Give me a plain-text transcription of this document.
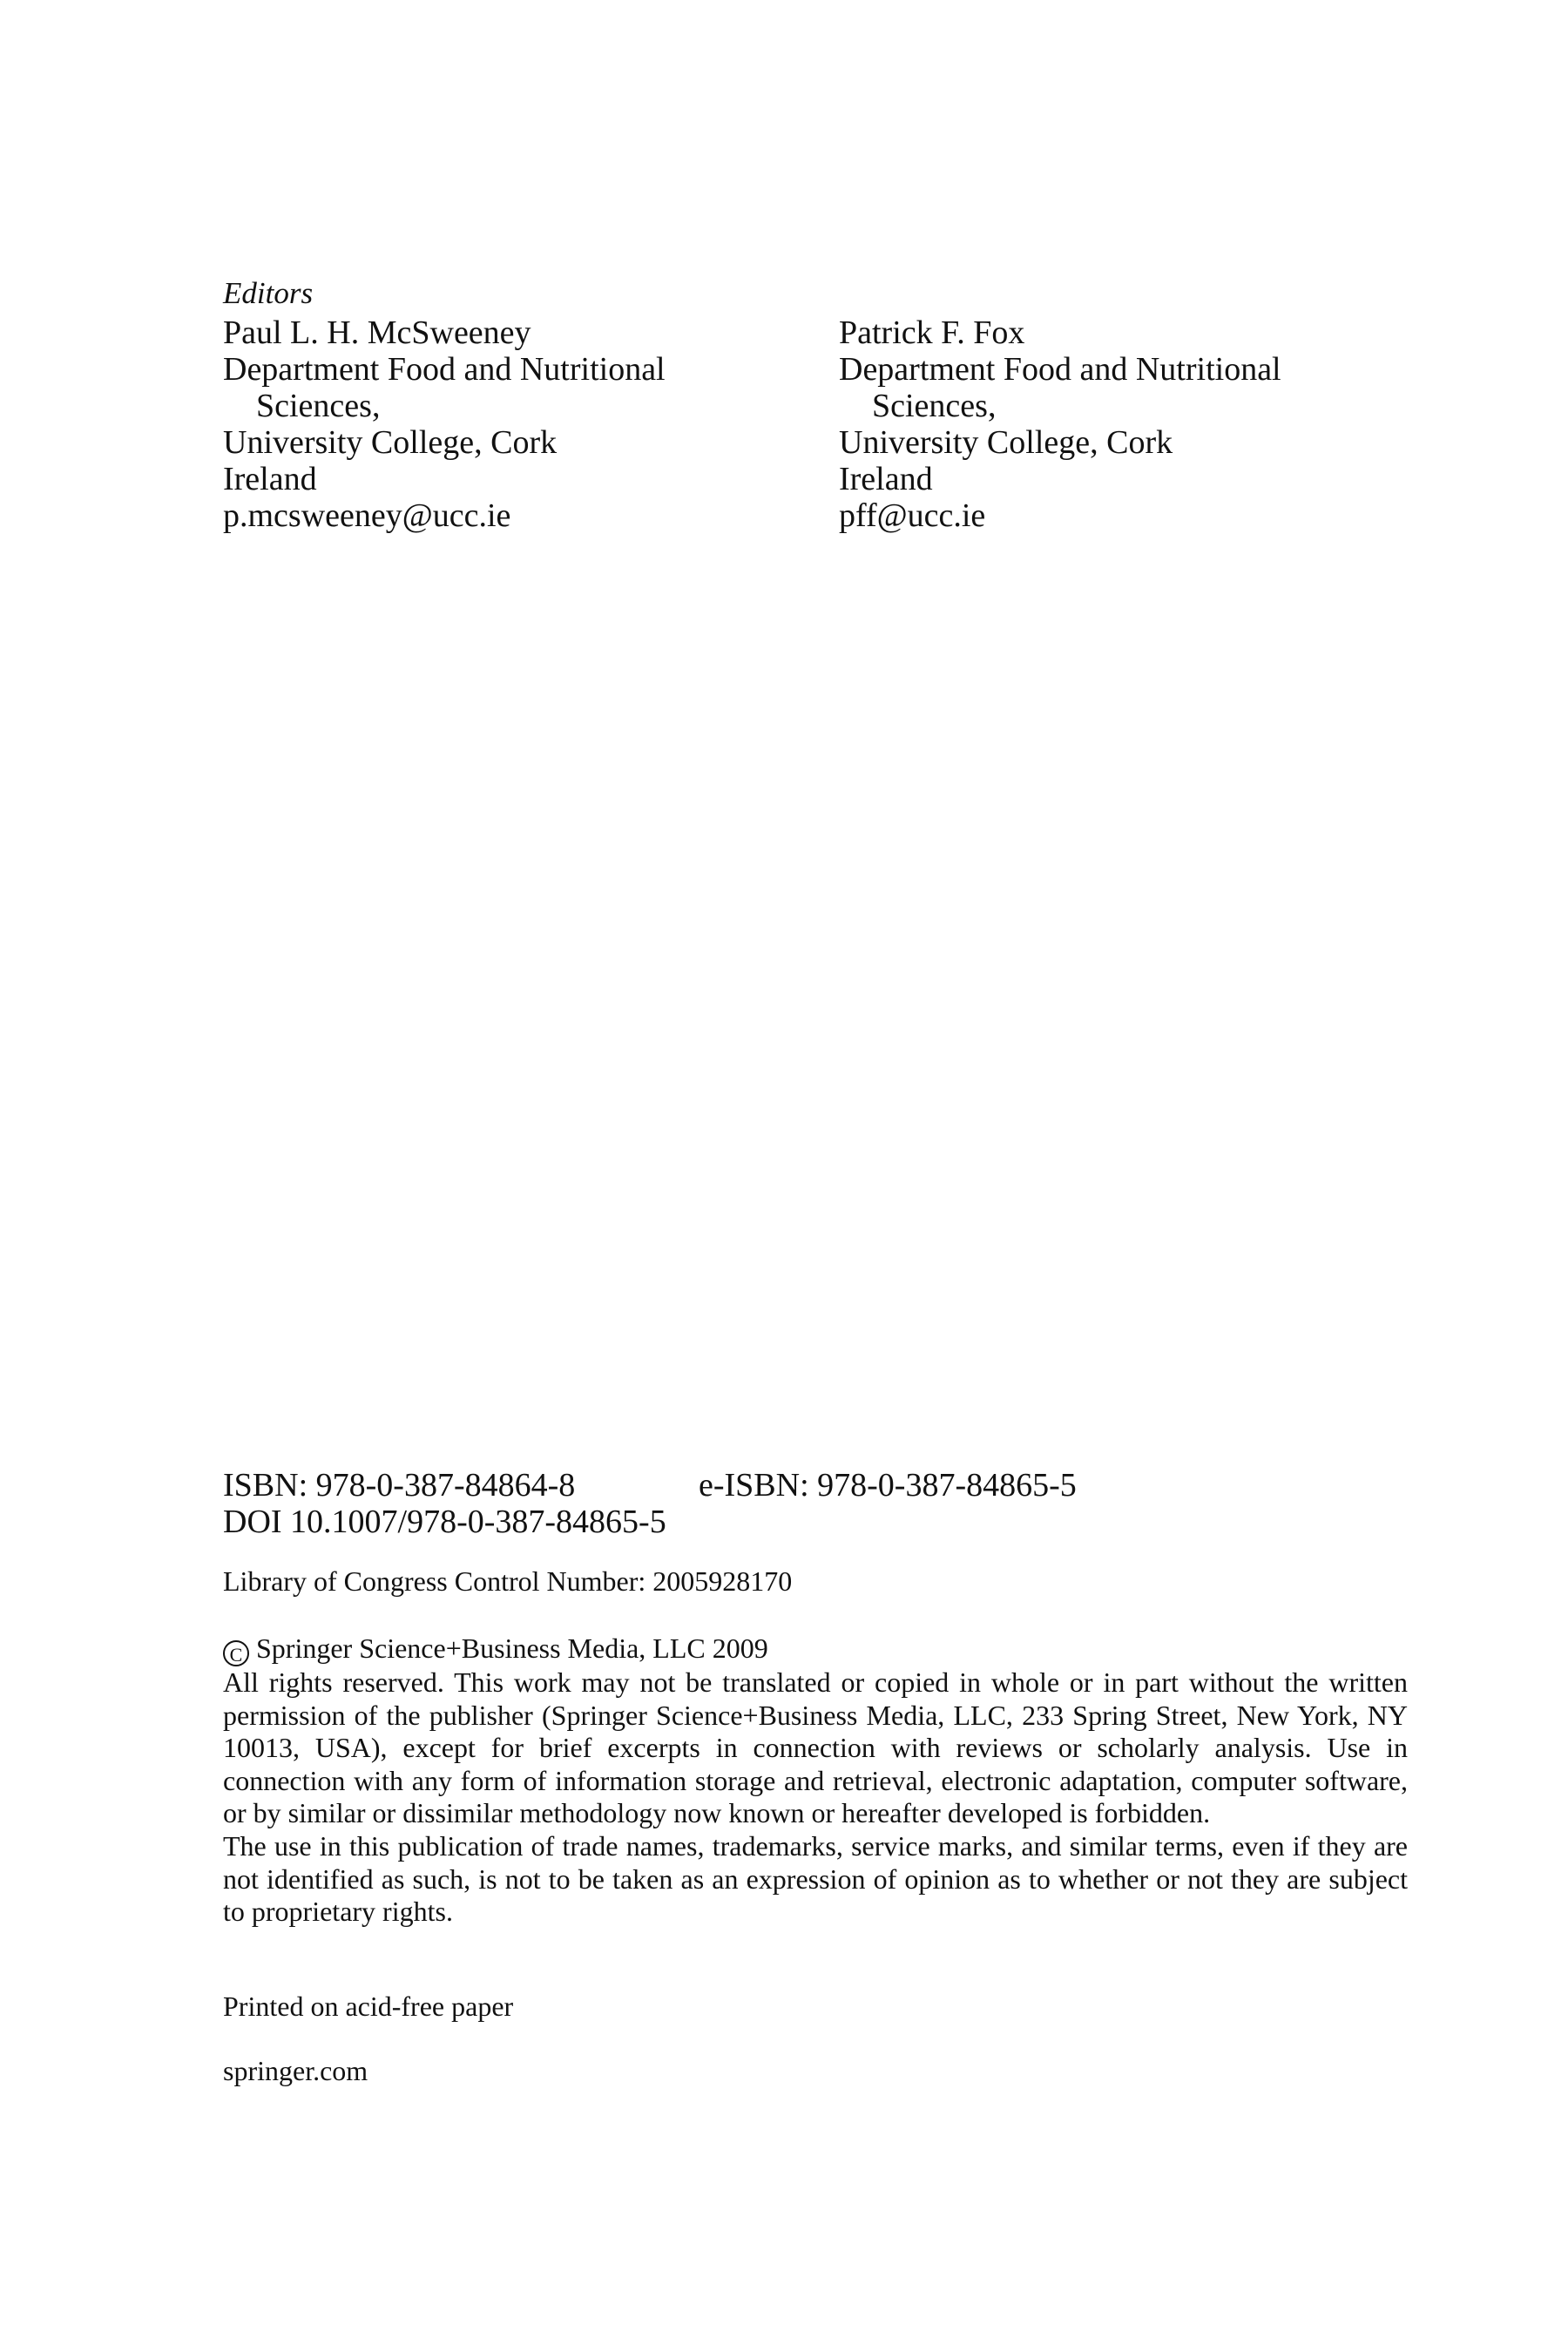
Editors
Paul L. H. McSweeney
Department Food and Nutritional
Sciences,
University College, Cork
Ireland
p.mcsweeney@ucc.ie
Patrick F. Fox
Department Food and Nutritional
Sciences,
University College, Cork
Ireland
pff@ucc.ie
ISBN: 978-0-387-84864-8	e-ISBN: 978-0-387-84865-5
DOI 10.1007/978-0-387-84865-5
Library of Congress Control Number: 2005928170

C Springer Science+Business Media, LLC 2009

All rights reserved. This work may not be translated or copied in whole or in part without the written permission of the publisher (Springer Science+Business Media, LLC, 233 Spring Street, New York, NY 10013, USA), except for brief excerpts in connection with reviews or scholarly analysis. Use in connection with any form of information storage and retrieval, electronic adaptation, computer software, or by similar or dissimilar methodology now known or hereafter developed is forbidden.

The use in this publication of trade names, trademarks, service marks, and similar terms, even if they are not identified as such, is not to be taken as an expression of opinion as to whether or not they are subject to proprietary rights.

Printed on acid-free paper
springer.com
